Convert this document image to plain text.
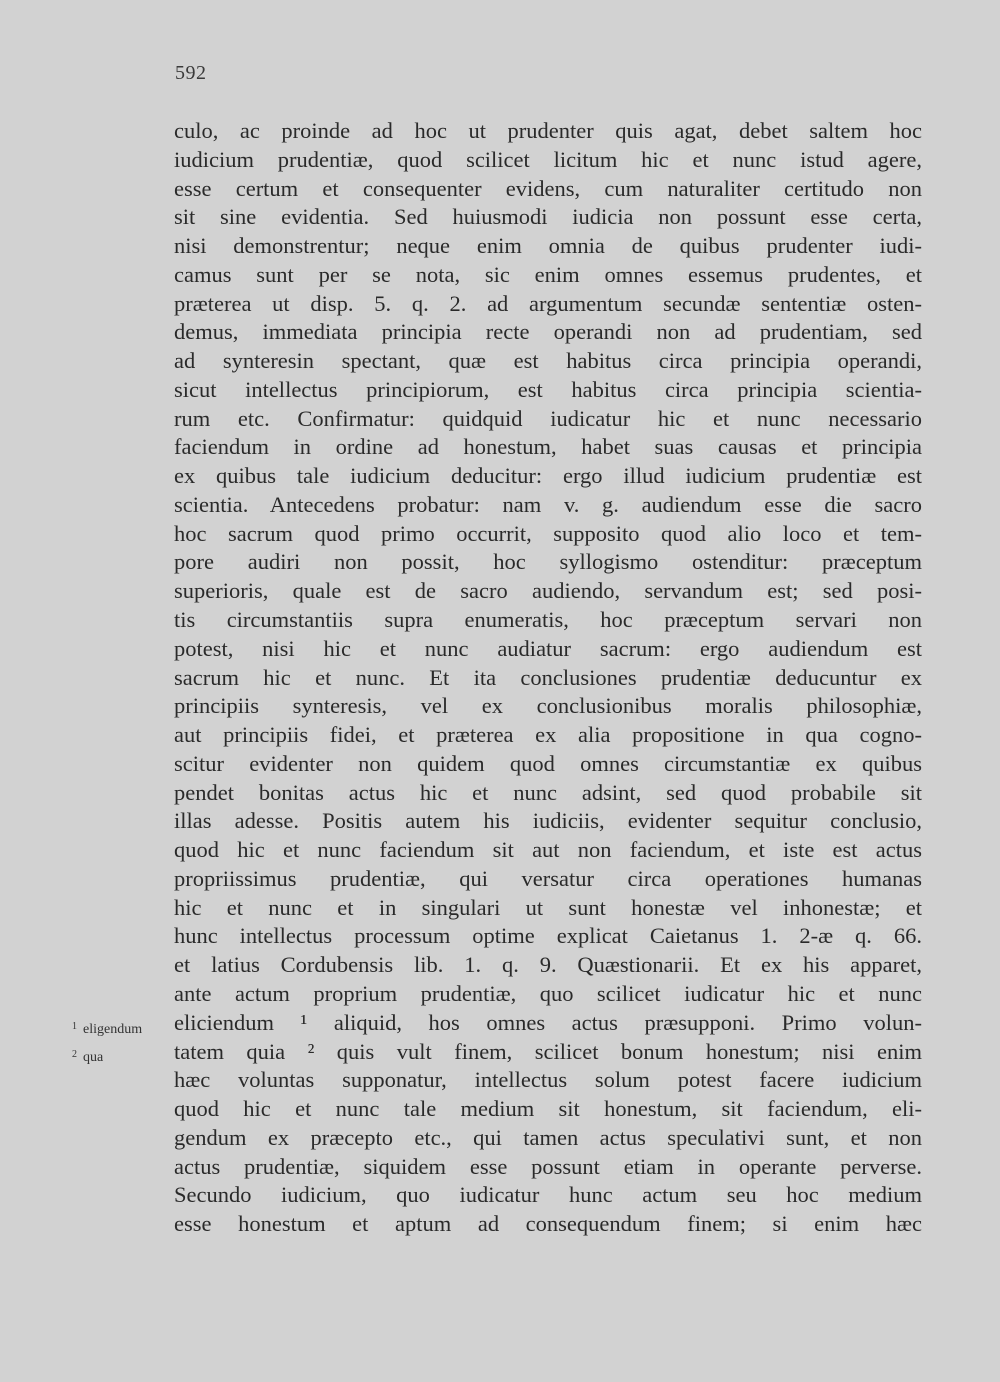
592
culo, ac proinde ad hoc ut prudenter quis agat, debet saltem hoc
iudicium prudentiæ, quod scilicet licitum hic et nunc istud agere,
esse certum et consequenter evidens, cum naturaliter certitudo non
sit sine evidentia. Sed huiusmodi iudicia non possunt esse certa,
nisi demonstrentur; neque enim omnia de quibus prudenter iudi-
camus sunt per se nota, sic enim omnes essemus prudentes, et
præterea ut disp. 5. q. 2. ad argumentum secundæ sententiæ osten-
demus, immediata principia recte operandi non ad prudentiam, sed
ad synteresin spectant, quæ est habitus circa principia operandi,
sicut intellectus principiorum, est habitus circa principia scientia-
rum etc. Confirmatur: quidquid iudicatur hic et nunc necessario
faciendum in ordine ad honestum, habet suas causas et principia
ex quibus tale iudicium deducitur: ergo illud iudicium prudentiæ est
scientia. Antecedens probatur: nam v. g. audiendum esse die sacro
hoc sacrum quod primo occurrit, supposito quod alio loco et tem-
pore audiri non possit, hoc syllogismo ostenditur: præceptum
superioris, quale est de sacro audiendo, servandum est; sed posi-
tis circumstantiis supra enumeratis, hoc præceptum servari non
potest, nisi hic et nunc audiatur sacrum: ergo audiendum est
sacrum hic et nunc. Et ita conclusiones prudentiæ deducuntur ex
principiis synteresis, vel ex conclusionibus moralis philosophiæ,
aut principiis fidei, et præterea ex alia propositione in qua cogno-
scitur evidenter non quidem quod omnes circumstantiæ ex quibus
pendet bonitas actus hic et nunc adsint, sed quod probabile sit
illas adesse. Positis autem his iudiciis, evidenter sequitur conclusio,
quod hic et nunc faciendum sit aut non faciendum, et iste est actus
propriissimus prudentiæ, qui versatur circa operationes humanas
hic et nunc et in singulari ut sunt honestæ vel inhonestæ; et
hunc intellectus processum optime explicat Caietanus 1. 2-æ q. 66.
et latius Cordubensis lib. 1. q. 9. Quæstionarii. Et ex his apparet,
ante actum proprium prudentiæ, quo scilicet iudicatur hic et nunc
eliciendum ¹ aliquid, hos omnes actus præsupponi. Primo volun-
tatem quia ² quis vult finem, scilicet bonum honestum; nisi enim
hæc voluntas supponatur, intellectus solum potest facere iudicium
quod hic et nunc tale medium sit honestum, sit faciendum, eli-
gendum ex præcepto etc., qui tamen actus speculativi sunt, et non
actus prudentiæ, siquidem esse possunt etiam in operante perverse.
Secundo iudicium, quo iudicatur hunc actum seu hoc medium
esse honestum et aptum ad consequendum finem; si enim hæc
$^1$ eligendum
$^2$ qua
